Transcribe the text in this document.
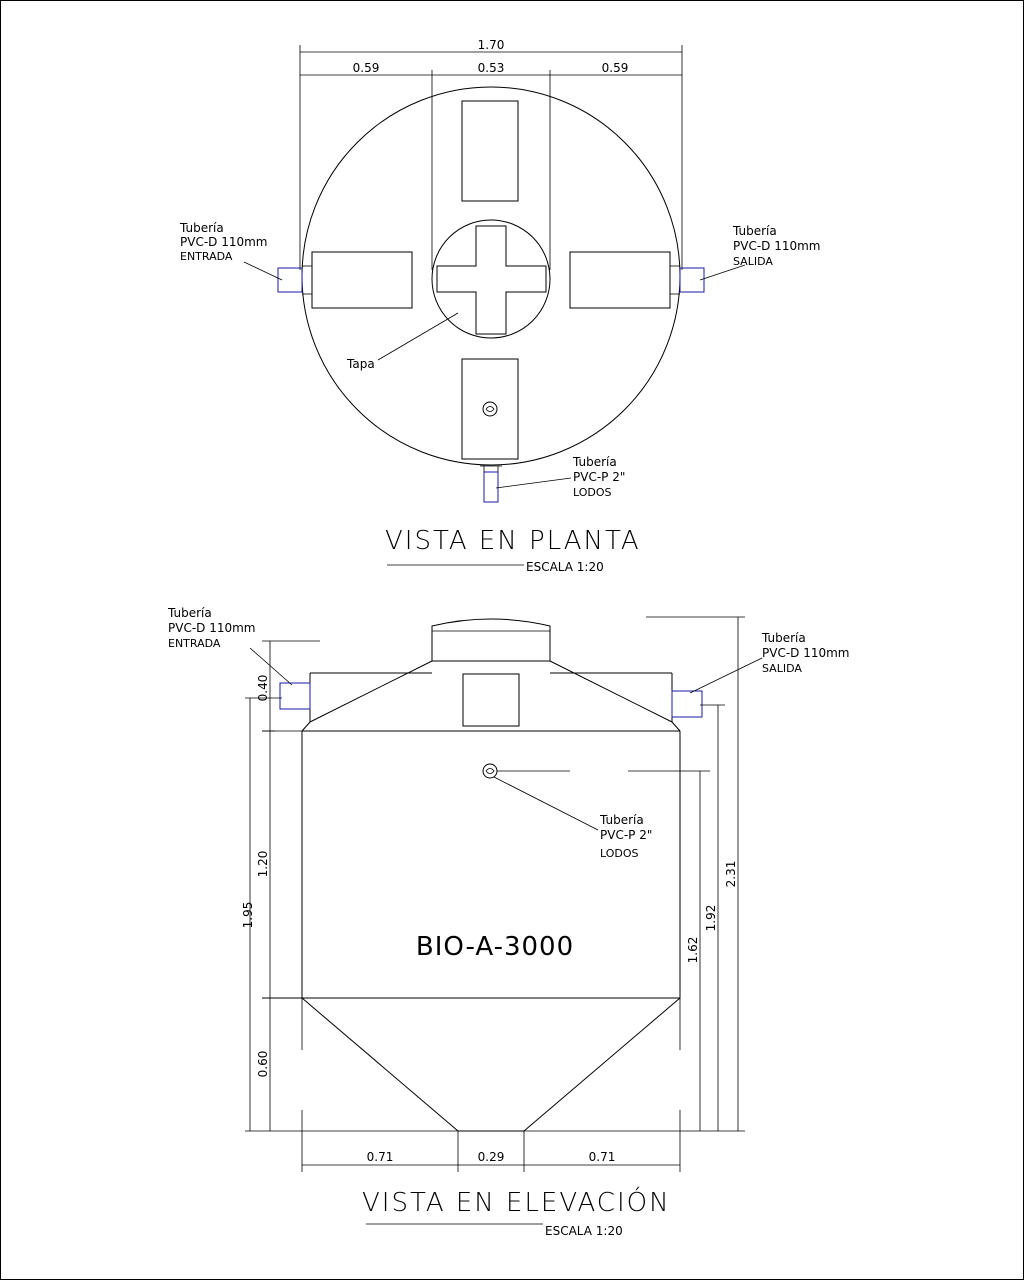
1.70
0.59	0.53	0.59
Tubería
PVC-D 110mm
ENTRADA
Tubería
PVC-D 110mm
SALIDA
Tubería
PVC-P 2"
LODOS
Tapa
VISTA EN PLANTA
ESCALA 1:20
0.40
1.20
0.60
1.95
1.62
1.92
2.31
0.71	0.29	0.71
BIO-A-3000
Tubería
PVC-D 110mm
ENTRADA	Tubería
PVC-D 110mm
SALIDA
Tubería
PVC-P 2"
LODOS
VISTA EN ELEVACIÓN
ESCALA 1:20
